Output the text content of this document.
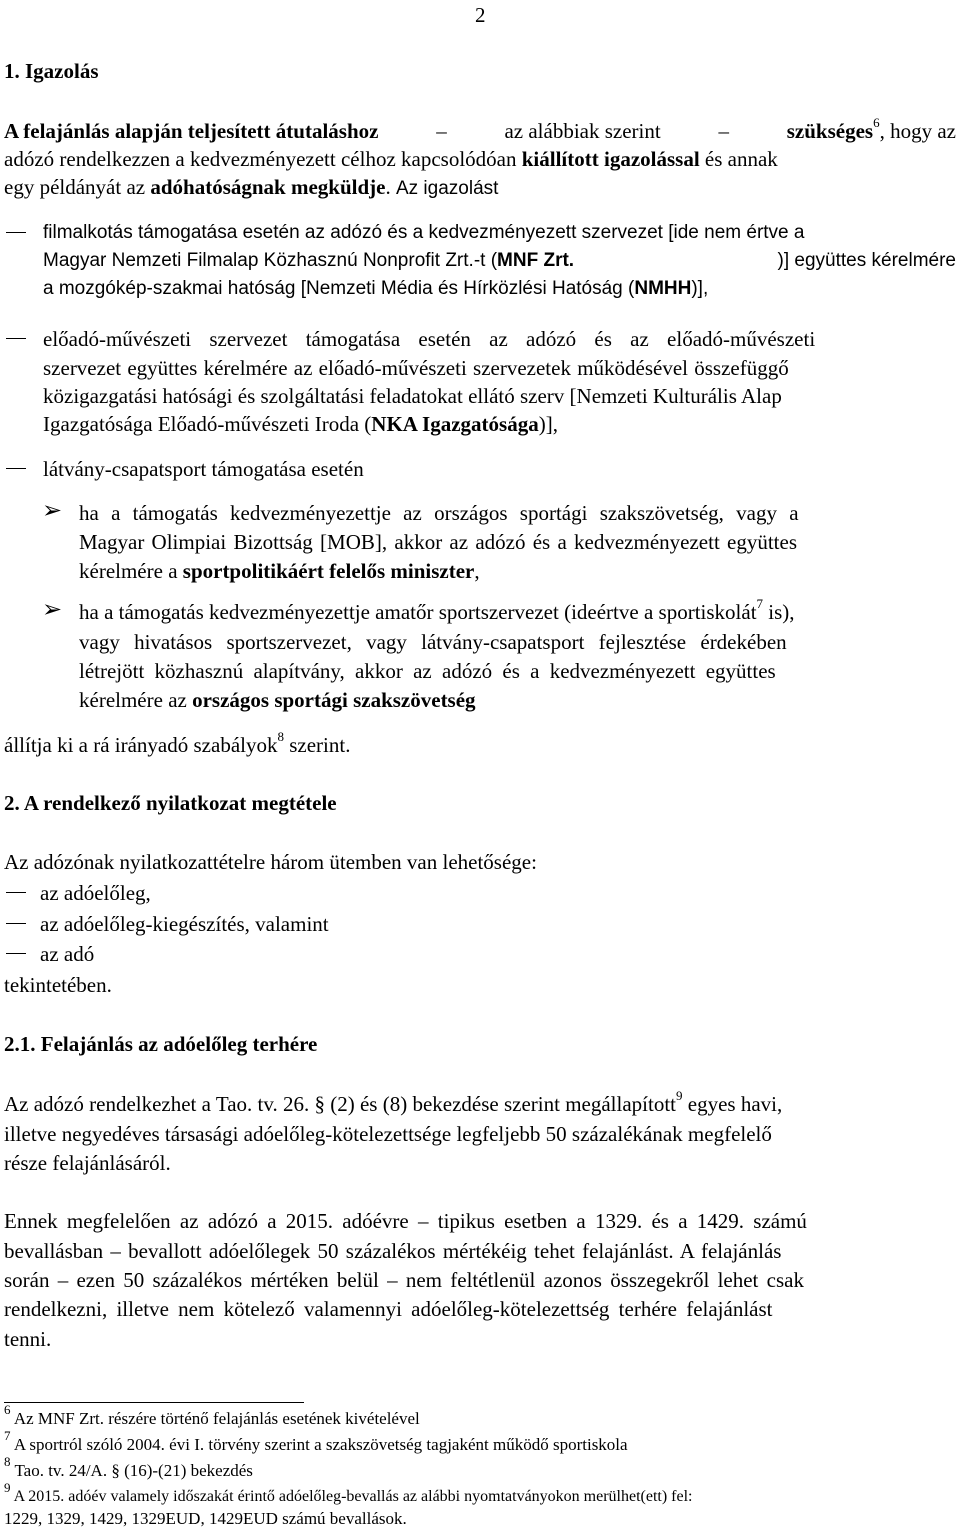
2
1. Igazolás
A felajánlás alapján teljesített átutaláshoz	–	az alábbiak szerint	–	szükséges$^6$, hogy az
adózó rendelkezzen a kedvezményezett célhoz kapcsolódóan kiállított igazolással és annak
egy példányát az adóhatóságnak megküldje. Az igazolást
filmalkotás támogatása esetén az adózó és a kedvezményezett szervezet [ide nem értve a
Magyar Nemzeti Filmalap Közhasznú Nonprofit Zrt.-t (MNF Zrt.	)] együttes kérelmére
a mozgókép-szakmai hatóság [Nemzeti Média és Hírközlési Hatóság (NMHH)],
előadó-művészeti szervezet támogatása esetén az adózó és az előadó-művészeti
szervezet együttes kérelmére az előadó-művészeti szervezetek működésével összefüggő
közigazgatási hatósági és szolgáltatási feladatokat ellátó szerv [Nemzeti Kulturális Alap
Igazgatósága Előadó-művészeti Iroda (NKA Igazgatósága)],
látvány-csapatsport támogatása esetén
➢ ha a támogatás kedvezményezettje az országos sportági szakszövetség, vagy a
Magyar Olimpiai Bizottság [MOB], akkor az adózó és a kedvezményezett együttes
kérelmére a sportpolitikáért felelős miniszter,
➢ ha a támogatás kedvezményezettje amatőr sportszervezet (ideértve a sportiskolát$^7$ is),
vagy hivatásos sportszervezet, vagy látvány-csapatsport fejlesztése érdekében
létrejött közhasznú alapítvány, akkor az adózó és a kedvezményezett együttes
kérelmére az országos sportági szakszövetség
állítja ki a rá irányadó szabályok$^8$ szerint.
2. A rendelkező nyilatkozat megtétele
Az adózónak nyilatkozattételre három ütemben van lehetősége:
az adóelőleg,
az adóelőleg-kiegészítés, valamint
az adó
tekintetében.
2.1. Felajánlás az adóelőleg terhére
Az adózó rendelkezhet a Tao. tv. 26. § (2) és (8) bekezdése szerint megállapított$^9$ egyes havi,
illetve negyedéves társasági adóelőleg-kötelezettsége legfeljebb 50 százalékának megfelelő
része felajánlásáról.
Ennek megfelelően az adózó a 2015. adóévre – tipikus esetben a 1329. és a 1429. számú
bevallásban – bevallott adóelőlegek 50 százalékos mértékéig tehet felajánlást. A felajánlás
során – ezen 50 százalékos mértéken belül – nem feltétlenül azonos összegekről lehet csak
rendelkezni, illetve nem kötelező valamennyi adóelőleg-kötelezettség terhére felajánlást
tenni.
$^6$ Az MNF Zrt. részére történő felajánlás esetének kivételével
$^7$ A sportról szóló 2004. évi I. törvény szerint a szakszövetség tagjaként működő sportiskola
$^8$ Tao. tv. 24/A. § (16)-(21) bekezdés
$^9$ A 2015. adóév valamely időszakát érintő adóelőleg-bevallás az alábbi nyomtatványokon merülhet(ett) fel:
1229, 1329, 1429, 1329EUD, 1429EUD számú bevallások.
